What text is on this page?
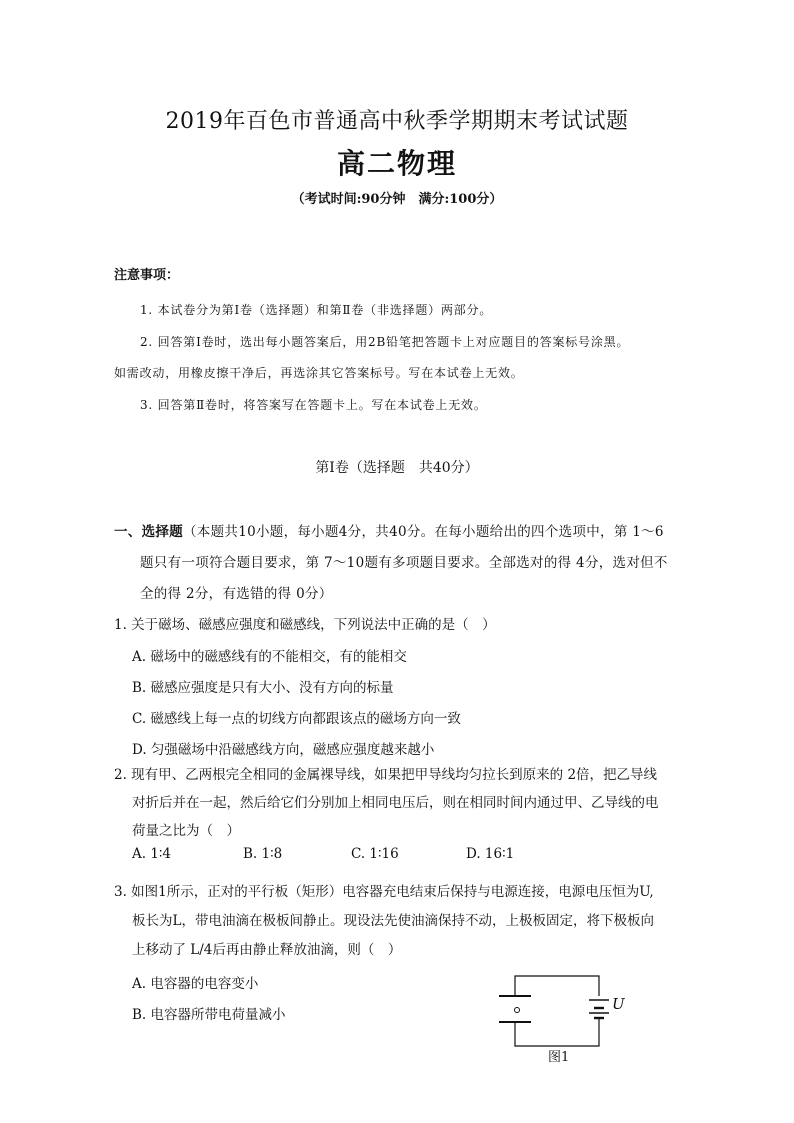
2019年百色市普通高中秋季学期期末考试试题
高二物理
（考试时间:90分钟　满分:100分）
注意事项：
1. 本试卷分为第Ⅰ卷（选择题）和第Ⅱ卷（非选择题）两部分。
2. 回答第Ⅰ卷时，选出每小题答案后，用2B铅笔把答题卡上对应题目的答案标号涂黑。
如需改动，用橡皮擦干净后，再选涂其它答案标号。写在本试卷上无效。
3. 回答第Ⅱ卷时，将答案写在答题卡上。写在本试卷上无效。
第Ⅰ卷（选择题　共40分）
一、选择题（本题共10小题，每小题4分，共40分。在每小题给出的四个选项中，第 1～6
题只有一项符合题目要求，第 7～10题有多项题目要求。全部选对的得 4分，选对但不
全的得 2分，有选错的得 0分）
1. 关于磁场、磁感应强度和磁感线，下列说法中正确的是（　）
A. 磁场中的磁感线有的不能相交，有的能相交
B. 磁感应强度是只有大小、没有方向的标量
C. 磁感线上每一点的切线方向都跟该点的磁场方向一致
D. 匀强磁场中沿磁感线方向，磁感应强度越来越小
2. 现有甲、乙两根完全相同的金属裸导线，如果把甲导线均匀拉长到原来的 2倍，把乙导线
对折后并在一起，然后给它们分别加上相同电压后，则在相同时间内通过甲、乙导线的电
荷量之比为（　）
A. 1∶4	B. 1∶8	C. 1∶16	D. 16∶1
3. 如图1所示，正对的平行板（矩形）电容器充电结束后保持与电源连接，电源电压恒为U,
板长为L，带电油滴在极板间静止。现设法先使油滴保持不动，上极板固定，将下极板向
上移动了 L/4后再由静止释放油滴，则（　）
A. 电容器的电容变小
B. 电容器所带电荷量减小
U
图1
